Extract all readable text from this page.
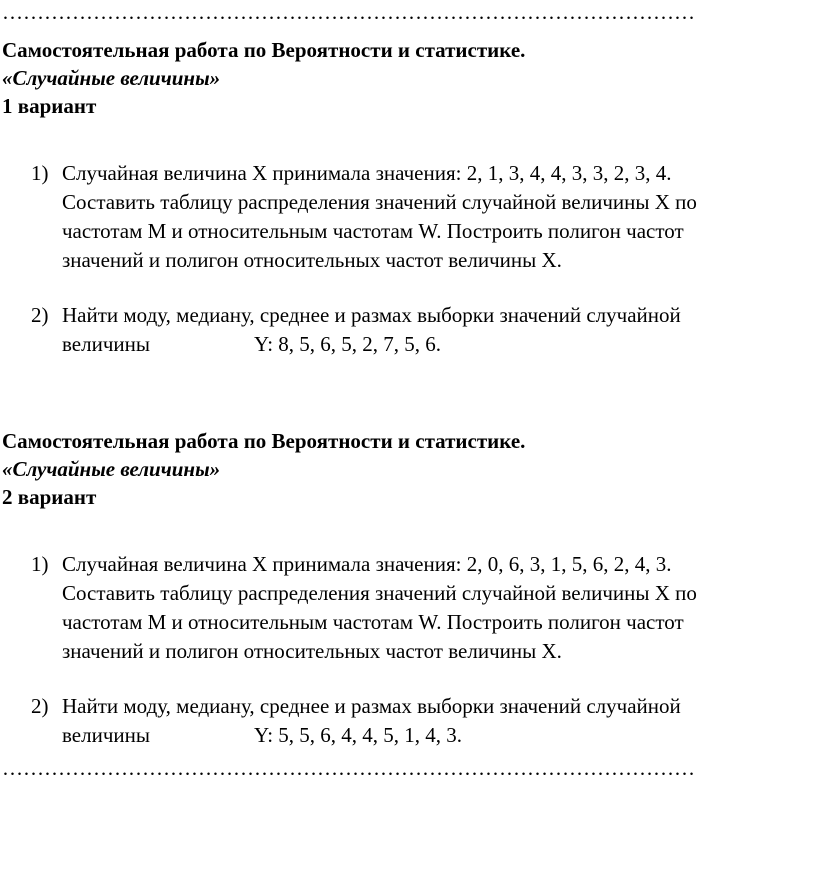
………………………………………………………………………………………

Самостоятельная работа по Вероятности и статистике.

«Случайные величины»

1 вариант

1) Случайная величина X принимала значения: 2, 1, 3, 4, 4, 3, 3, 2, 3, 4.
Составить таблицу распределения значений случайной величины X по
частотам M и относительным частотам W. Построить полигон частот
значений и полигон относительных частот величины X.
2) Найти моду, медиану, среднее и размах выборки значений случайной
величины	Y: 8, 5, 6, 5, 2, 7, 5, 6.

Самостоятельная работа по Вероятности и статистике.

«Случайные величины»

2 вариант

1) Случайная величина X принимала значения: 2, 0, 6, 3, 1, 5, 6, 2, 4, 3.
Составить таблицу распределения значений случайной величины X по
частотам M и относительным частотам W. Построить полигон частот
значений и полигон относительных частот величины X.
2) Найти моду, медиану, среднее и размах выборки значений случайной
величины	Y: 5, 5, 6, 4, 4, 5, 1, 4, 3.
………………………………………………………………………………………
